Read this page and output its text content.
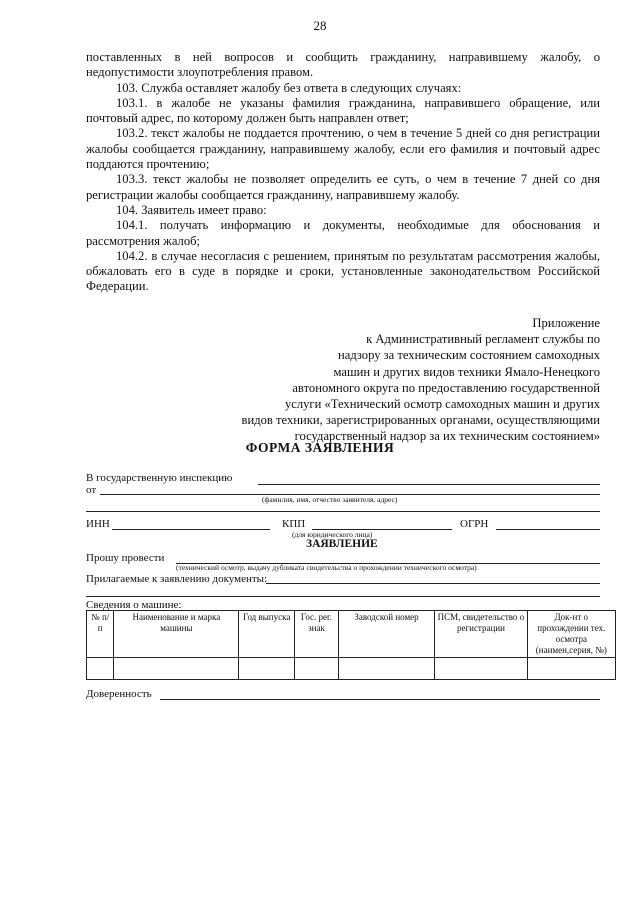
28

поставленных в ней вопросов и сообщить гражданину, направившему жалобу, о недопустимости злоупотребления правом.

103. Служба оставляет жалобу без ответа в следующих случаях:

103.1. в жалобе не указаны фамилия гражданина, направившего обращение, или почтовый адрес, по которому должен быть направлен ответ;

103.2. текст жалобы не поддается прочтению, о чем в течение 5 дней со дня регистрации жалобы сообщается гражданину, направившему жалобу, если его фамилия и почтовый адрес поддаются прочтению;

103.3. текст жалобы не позволяет определить ее суть, о чем в течение 7 дней со дня регистрации жалобы сообщается гражданину, направившему жалобу.

104. Заявитель имеет право:

104.1. получать информацию и документы, необходимые для обоснования и рассмотрения жалоб;

104.2. в случае несогласия с решением, принятым по результатам рассмотрения жалобы, обжаловать его в суде в порядке и сроки, установленные законодательством Российской Федерации.

Приложение
к Административный регламент службы по
надзору за техническим состоянием самоходных
машин и других видов техники Ямало-Ненецкого
автономного округа по предоставлению государственной
услуги «Технический осмотр самоходных машин и других
видов техники, зарегистрированных органами, осуществляющими
государственный надзор за их техническим состоянием»
ФОРМА ЗАЯВЛЕНИЯ
В государственную инспекцию
от
(фамилия, имя, отчество заявителя, адрес)
ИНН	КПП	ОГРН
(для юридического лица)
ЗАЯВЛЕНИЕ
Прошу провести
(технический осмотр, выдачу дубликата свидетельства о прохождении технического осмотра)
Прилагаемые к заявлению документы:
Сведения о машине:
№ п/п	Наименование и марка машины	Год выпуска	Гос. рег. знак	Заводской номер	ПСМ, свидетельство о регистрации	Док-нт о прохождении тех. осмотра (наимен,серия, №)

Доверенность
